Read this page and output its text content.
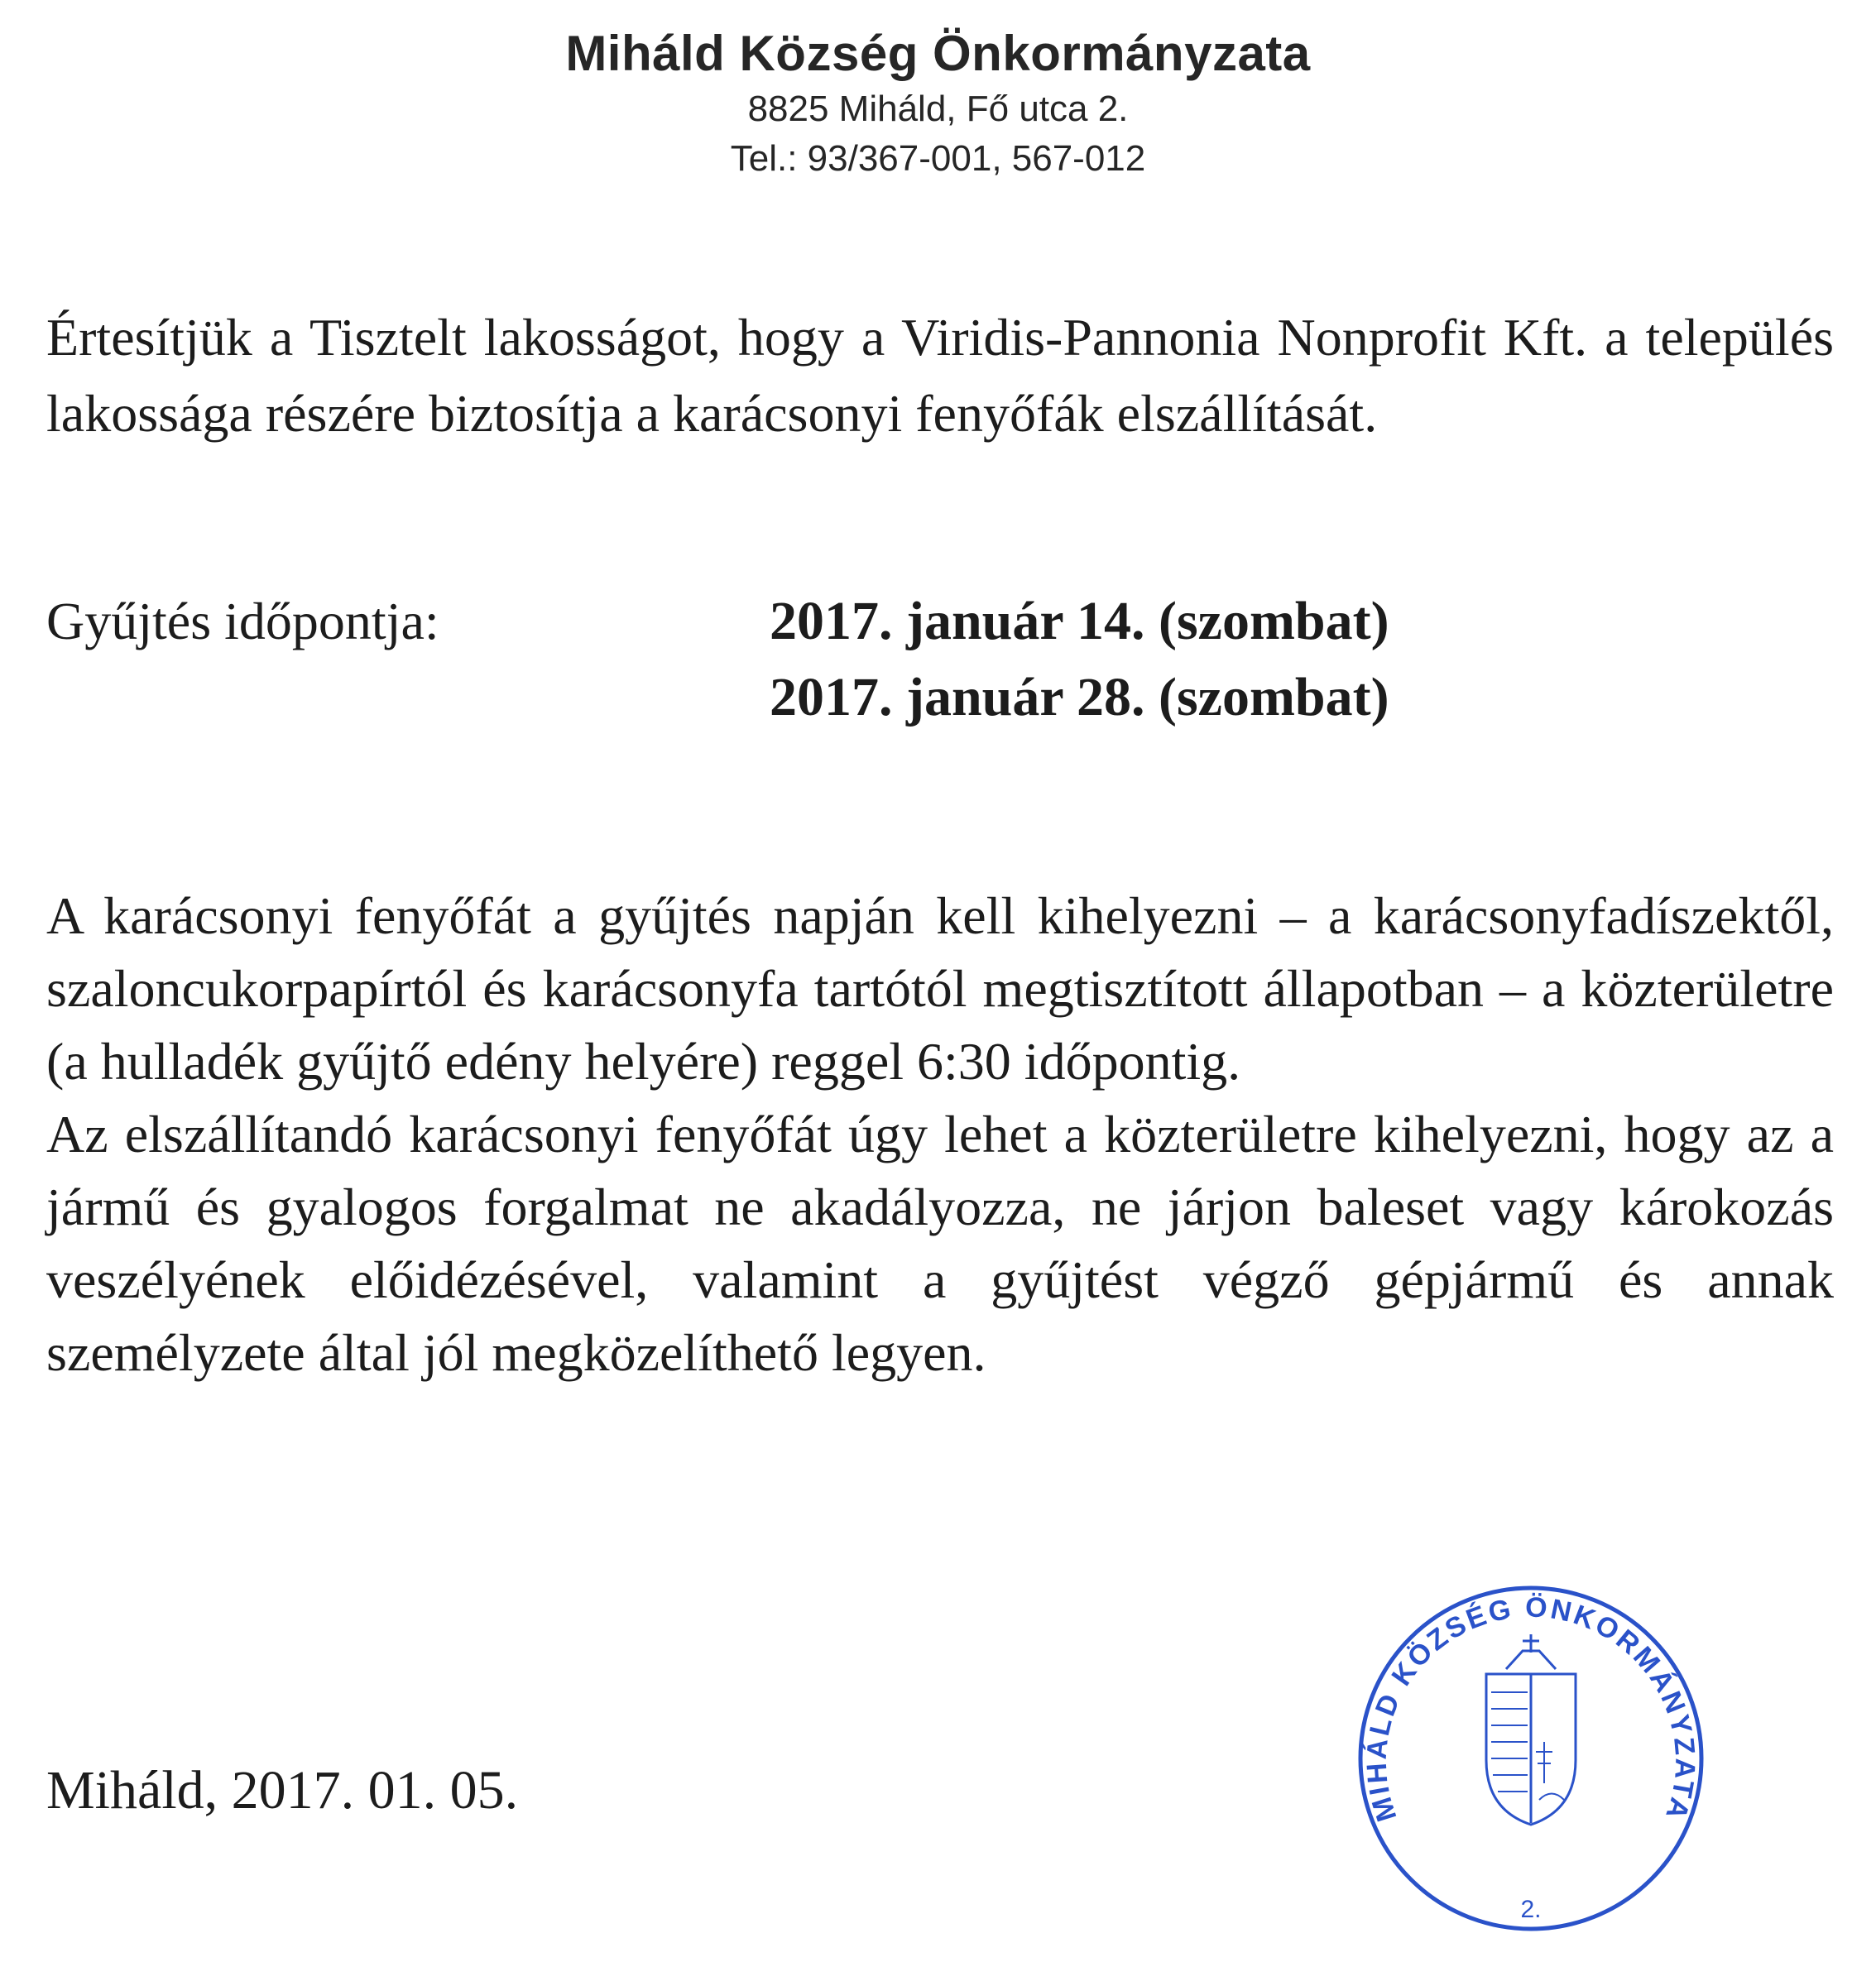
Miháld Község Önkormányzata
8825 Miháld, Fő utca 2.
Tel.: 93/367-001, 567-012
Értesítjük a Tisztelt lakosságot, hogy a Viridis-Pannonia Nonprofit Kft. a település lakossága részére biztosítja a karácsonyi fenyőfák elszállítását.
Gyűjtés időpontja:	2017. január 14. (szombat)
2017. január 28. (szombat)

A karácsonyi fenyőfát a gyűjtés napján kell kihelyezni – a karácsonyfadíszektől, szaloncukorpapírtól és karácsonyfa tartótól megtisztított állapotban – a közterületre (a hulladék gyűjtő edény helyére) reggel 6:30 időpontig.

Az elszállítandó karácsonyi fenyőfát úgy lehet a közterületre kihelyezni, hogy az a jármű és gyalogos forgalmat ne akadályozza, ne járjon baleset vagy károkozás veszélyének előidézésével, valamint a gyűjtést végző gépjármű és annak személyzete által jól megközelíthető legyen.

Miháld, 2017. 01. 05.	MIHÁLD KÖZSÉG ÖNKORMÁNYZATA
2.
